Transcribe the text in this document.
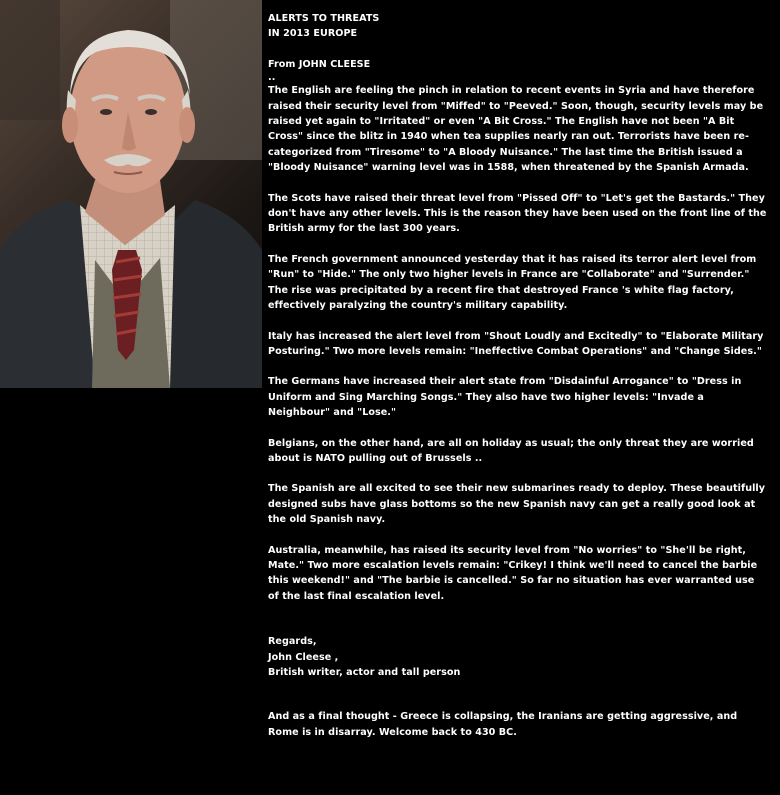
ALERTS TO THREATS
IN 2013 EUROPE
From JOHN CLEESE
..

The English are feeling the pinch in relation to recent events in Syria and have therefore raised their security level from "Miffed" to "Peeved." Soon, though, security levels may be raised yet again to "Irritated" or even "A Bit Cross." The English have not been "A Bit Cross" since the blitz in 1940 when tea supplies nearly ran out. Terrorists have been re-categorized from "Tiresome" to "A Bloody Nuisance." The last time the British issued a "Bloody Nuisance" warning level was in 1588, when threatened by the Spanish Armada.

The Scots have raised their threat level from "Pissed Off" to "Let's get the Bastards." They don't have any other levels. This is the reason they have been used on the front line of the British army for the last 300 years.

The French government announced yesterday that it has raised its terror alert level from "Run" to "Hide." The only two higher levels in France are "Collaborate" and "Surrender." The rise was precipitated by a recent fire that destroyed France 's white flag factory, effectively paralyzing the country's military capability.

Italy has increased the alert level from "Shout Loudly and Excitedly" to "Elaborate Military Posturing." Two more levels remain: "Ineffective Combat Operations" and "Change Sides."

The Germans have increased their alert state from "Disdainful Arrogance" to "Dress in Uniform and Sing Marching Songs." They also have two higher levels: "Invade a Neighbour" and "Lose."

Belgians, on the other hand, are all on holiday as usual; the only threat they are worried about is NATO pulling out of Brussels ..

The Spanish are all excited to see their new submarines ready to deploy. These beautifully designed subs have glass bottoms so the new Spanish navy can get a really good look at the old Spanish navy.

Australia, meanwhile, has raised its security level from "No worries" to "She'll be right, Mate." Two more escalation levels remain: "Crikey! I think we'll need to cancel the barbie this weekend!" and "The barbie is cancelled." So far no situation has ever warranted use of the last final escalation level.

Regards,
John Cleese ,
British writer, actor and tall person

And as a final thought - Greece is collapsing, the Iranians are getting aggressive, and Rome is in disarray. Welcome back to 430 BC.
